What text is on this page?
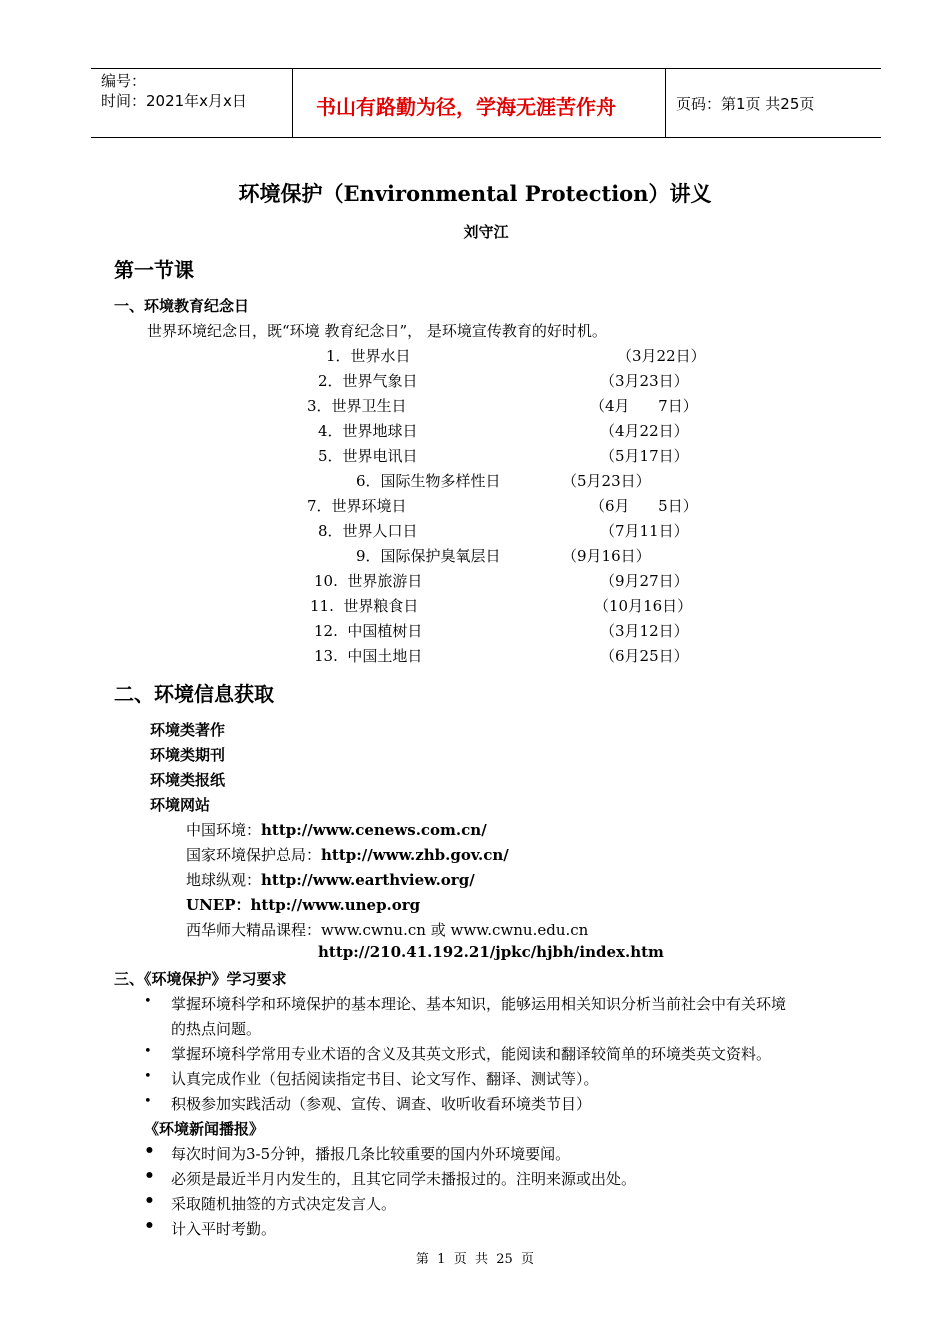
编号：
时间：2021年x月x日	书山有路勤为径，学海无涯苦作舟	页码：第1页 共25页
环境保护（Environmental Protection）讲义
刘守江
第一节课
一、环境教育纪念日
世界环境纪念日，既“环境 教育纪念日”， 是环境宣传教育的好时机。
1．世界水日	（3月22日）
2．世界气象日	（3月23日）
3．世界卫生日	（4月      7日）
4．世界地球日	（4月22日）
5．世界电讯日	（5月17日）
6．国际生物多样性日	（5月23日）
7．世界环境日	（6月      5日）
8．世界人口日	（7月11日）
9．国际保护臭氧层日	（9月16日）
10.  世界旅游日	（9月27日）
11.  世界粮食日	（10月16日）
12.  中国植树日	（3月12日）
13.  中国土地日	（6月25日）
二、环境信息获取
环境类著作
环境类期刊
环境类报纸
环境网站
中国环境：http://www.cenews.com.cn/
国家环境保护总局：http://www.zhb.gov.cn/
地球纵观：http://www.earthview.org/
UNEP：http://www.unep.org
西华师大精品课程：www.cwnu.cn 或 www.cwnu.edu.cn
http://210.41.192.21/jpkc/hjbh/index.htm
三、《环境保护》学习要求
• 掌握环境科学和环境保护的基本理论、基本知识，能够运用相关知识分析当前社会中有关环境
的热点问题。
• 掌握环境科学常用专业术语的含义及其英文形式，能阅读和翻译较简单的环境类英文资料。
• 认真完成作业（包括阅读指定书目、论文写作、翻译、测试等）。
• 积极参加实践活动（参观、宣传、调查、收听收看环境类节目）
《环境新闻播报》
• 每次时间为3-5分钟，播报几条比较重要的国内外环境要闻。
• 必须是最近半月内发生的，且其它同学未播报过的。注明来源或出处。
• 采取随机抽签的方式决定发言人。
• 计入平时考勤。
第  1  页  共  25  页
